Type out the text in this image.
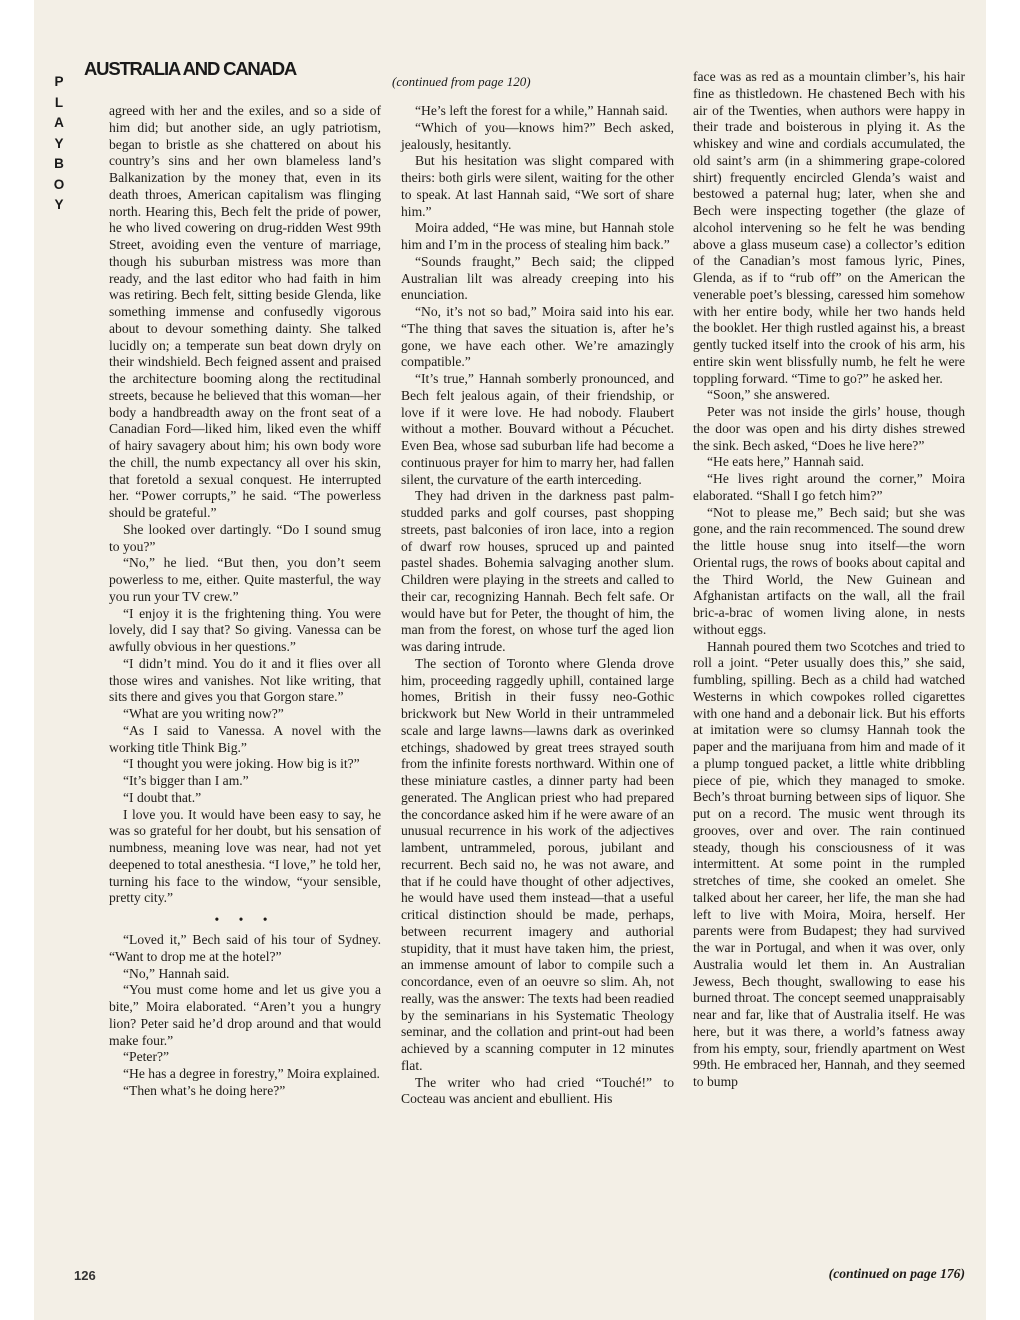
P
L
A
Y
B
O
Y
AUSTRALIA AND CANADA
(continued from page 120)

agreed with her and the exiles, and so a side of him did; but another side, an ugly patriotism, began to bristle as she chattered on about his country’s sins and her own blameless land’s Balkanization by the money that, even in its death throes, American capitalism was flinging north. Hearing this, Bech felt the pride of power, he who lived cowering on drug-ridden West 99th Street, avoiding even the venture of marriage, though his suburban mistress was more than ready, and the last editor who had faith in him was retiring. Bech felt, sitting beside Glenda, like something immense and confusedly vigorous about to devour something dainty. She talked lucidly on; a temperate sun beat down dryly on their windshield. Bech feigned assent and praised the architecture booming along the rectitudinal streets, because he believed that this woman—her body a handbreadth away on the front seat of a Canadian Ford—liked him, liked even the whiff of hairy savagery about him; his own body wore the chill, the numb expectancy all over his skin, that foretold a sexual conquest. He interrupted her. “Power corrupts,” he said. “The powerless should be grateful.”

She looked over dartingly. “Do I sound smug to you?”

“No,” he lied. “But then, you don’t seem powerless to me, either. Quite masterful, the way you run your TV crew.”

“I enjoy it is the frightening thing. You were lovely, did I say that? So giving. Vanessa can be awfully obvious in her questions.”

“I didn’t mind. You do it and it flies over all those wires and vanishes. Not like writing, that sits there and gives you that Gorgon stare.”

“What are you writing now?”

“As I said to Vanessa. A novel with the working title Think Big.”

“I thought you were joking. How big is it?”

“It’s bigger than I am.”

“I doubt that.”

I love you. It would have been easy to say, he was so grateful for her doubt, but his sensation of numbness, meaning love was near, had not yet deepened to total anesthesia. “I love,” he told her, turning his face to the window, “your sensible, pretty city.”

• • •

“Loved it,” Bech said of his tour of Sydney. “Want to drop me at the hotel?”

“No,” Hannah said.

“You must come home and let us give you a bite,” Moira elaborated. “Aren’t you a hungry lion? Peter said he’d drop around and that would make four.”

“Peter?”

“He has a degree in forestry,” Moira explained.

“Then what’s he doing here?”

“He’s left the forest for a while,” Hannah said.

“Which of you—knows him?” Bech asked, jealously, hesitantly.

But his hesitation was slight compared with theirs: both girls were silent, waiting for the other to speak. At last Hannah said, “We sort of share him.”

Moira added, “He was mine, but Hannah stole him and I’m in the process of stealing him back.”

“Sounds fraught,” Bech said; the clipped Australian lilt was already creeping into his enunciation.

“No, it’s not so bad,” Moira said into his ear. “The thing that saves the situation is, after he’s gone, we have each other. We’re amazingly compatible.”

“It’s true,” Hannah somberly pronounced, and Bech felt jealous again, of their friendship, or love if it were love. He had nobody. Flaubert without a mother. Bouvard without a Pécuchet. Even Bea, whose sad suburban life had become a continuous prayer for him to marry her, had fallen silent, the curvature of the earth interceding.

They had driven in the darkness past palm-studded parks and golf courses, past shopping streets, past balconies of iron lace, into a region of dwarf row houses, spruced up and painted pastel shades. Bohemia salvaging another slum. Children were playing in the streets and called to their car, recognizing Hannah. Bech felt safe. Or would have but for Peter, the thought of him, the man from the forest, on whose turf the aged lion was daring intrude.

The section of Toronto where Glenda drove him, proceeding raggedly uphill, contained large homes, British in their fussy neo-Gothic brickwork but New World in their untrammeled scale and large lawns—lawns dark as overinked etchings, shadowed by great trees strayed south from the infinite forests northward. Within one of these miniature castles, a dinner party had been generated. The Anglican priest who had prepared the concordance asked him if he were aware of an unusual recurrence in his work of the adjectives lambent, untrammeled, porous, jubilant and recurrent. Bech said no, he was not aware, and that if he could have thought of other adjectives, he would have used them instead—that a useful critical distinction should be made, perhaps, between recurrent imagery and authorial stupidity, that it must have taken him, the priest, an immense amount of labor to compile such a concordance, even of an oeuvre so slim. Ah, not really, was the answer: The texts had been readied by the seminarians in his Systematic Theology seminar, and the collation and print-out had been achieved by a scanning computer in 12 minutes flat.

The writer who had cried “Touché!” to Cocteau was ancient and ebullient. His

face was as red as a mountain climber’s, his hair fine as thistledown. He chastened Bech with his air of the Twenties, when authors were happy in their trade and boisterous in plying it. As the whiskey and wine and cordials accumulated, the old saint’s arm (in a shimmering grape-colored shirt) frequently encircled Glenda’s waist and bestowed a paternal hug; later, when she and Bech were inspecting together (the glaze of alcohol intervening so he felt he was bending above a glass museum case) a collector’s edition of the Canadian’s most famous lyric, Pines, Glenda, as if to “rub off” on the American the venerable poet’s blessing, caressed him somehow with her entire body, while her two hands held the booklet. Her thigh rustled against his, a breast gently tucked itself into the crook of his arm, his entire skin went blissfully numb, he felt he were toppling forward. “Time to go?” he asked her.

“Soon,” she answered.

Peter was not inside the girls’ house, though the door was open and his dirty dishes strewed the sink. Bech asked, “Does he live here?”

“He eats here,” Hannah said.

“He lives right around the corner,” Moira elaborated. “Shall I go fetch him?”

“Not to please me,” Bech said; but she was gone, and the rain recommenced. The sound drew the little house snug into itself—the worn Oriental rugs, the rows of books about capital and the Third World, the New Guinean and Afghanistan artifacts on the wall, all the frail bric-a-brac of women living alone, in nests without eggs.

Hannah poured them two Scotches and tried to roll a joint. “Peter usually does this,” she said, fumbling, spilling. Bech as a child had watched Westerns in which cowpokes rolled cigarettes with one hand and a debonair lick. But his efforts at imitation were so clumsy Hannah took the paper and the marijuana from him and made of it a plump tongued packet, a little white dribbling piece of pie, which they managed to smoke. Bech’s throat burning between sips of liquor. She put on a record. The music went through its grooves, over and over. The rain continued steady, though his consciousness of it was intermittent. At some point in the rumpled stretches of time, she cooked an omelet. She talked about her career, her life, the man she had left to live with Moira, Moira, herself. Her parents were from Budapest; they had survived the war in Portugal, and when it was over, only Australia would let them in. An Australian Jewess, Bech thought, swallowing to ease his burned throat. The concept seemed unappraisably near and far, like that of Australia itself. He was here, but it was there, a world’s fatness away from his empty, sour, friendly apartment on West 99th. He embraced her, Hannah, and they seemed to bump

126	(continued on page 176)
